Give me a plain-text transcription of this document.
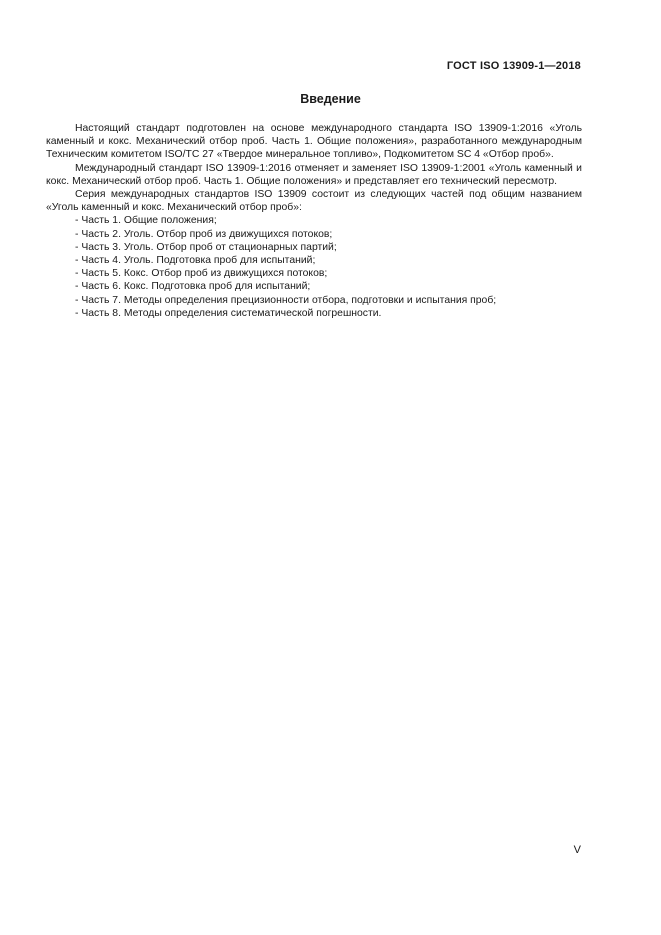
ГОСТ ISO 13909-1—2018
Введение

Настоящий стандарт подготовлен на основе международного стандарта ISO 13909-1:2016 «Уголь каменный и кокс. Механический отбор проб. Часть 1. Общие положения», разработанного международным Техническим комитетом ISO/TC 27 «Твердое минеральное топливо», Подкомитетом SC 4 «Отбор проб».

Международный стандарт ISO 13909-1:2016 отменяет и заменяет ISO 13909-1:2001 «Уголь каменный и кокс. Механический отбор проб. Часть 1. Общие положения» и представляет его технический пересмотр.

Серия международных стандартов ISO 13909 состоит из следующих частей под общим названием «Уголь каменный и кокс. Механический отбор проб»:

- Часть 1. Общие положения;
- Часть 2. Уголь. Отбор проб из движущихся потоков;
- Часть 3. Уголь. Отбор проб от стационарных партий;
- Часть 4. Уголь. Подготовка проб для испытаний;
- Часть 5. Кокс. Отбор проб из движущихся потоков;
- Часть 6. Кокс. Подготовка проб для испытаний;
- Часть 7. Методы определения прецизионности отбора, подготовки и испытания проб;
- Часть 8. Методы определения систематической погрешности.
V
